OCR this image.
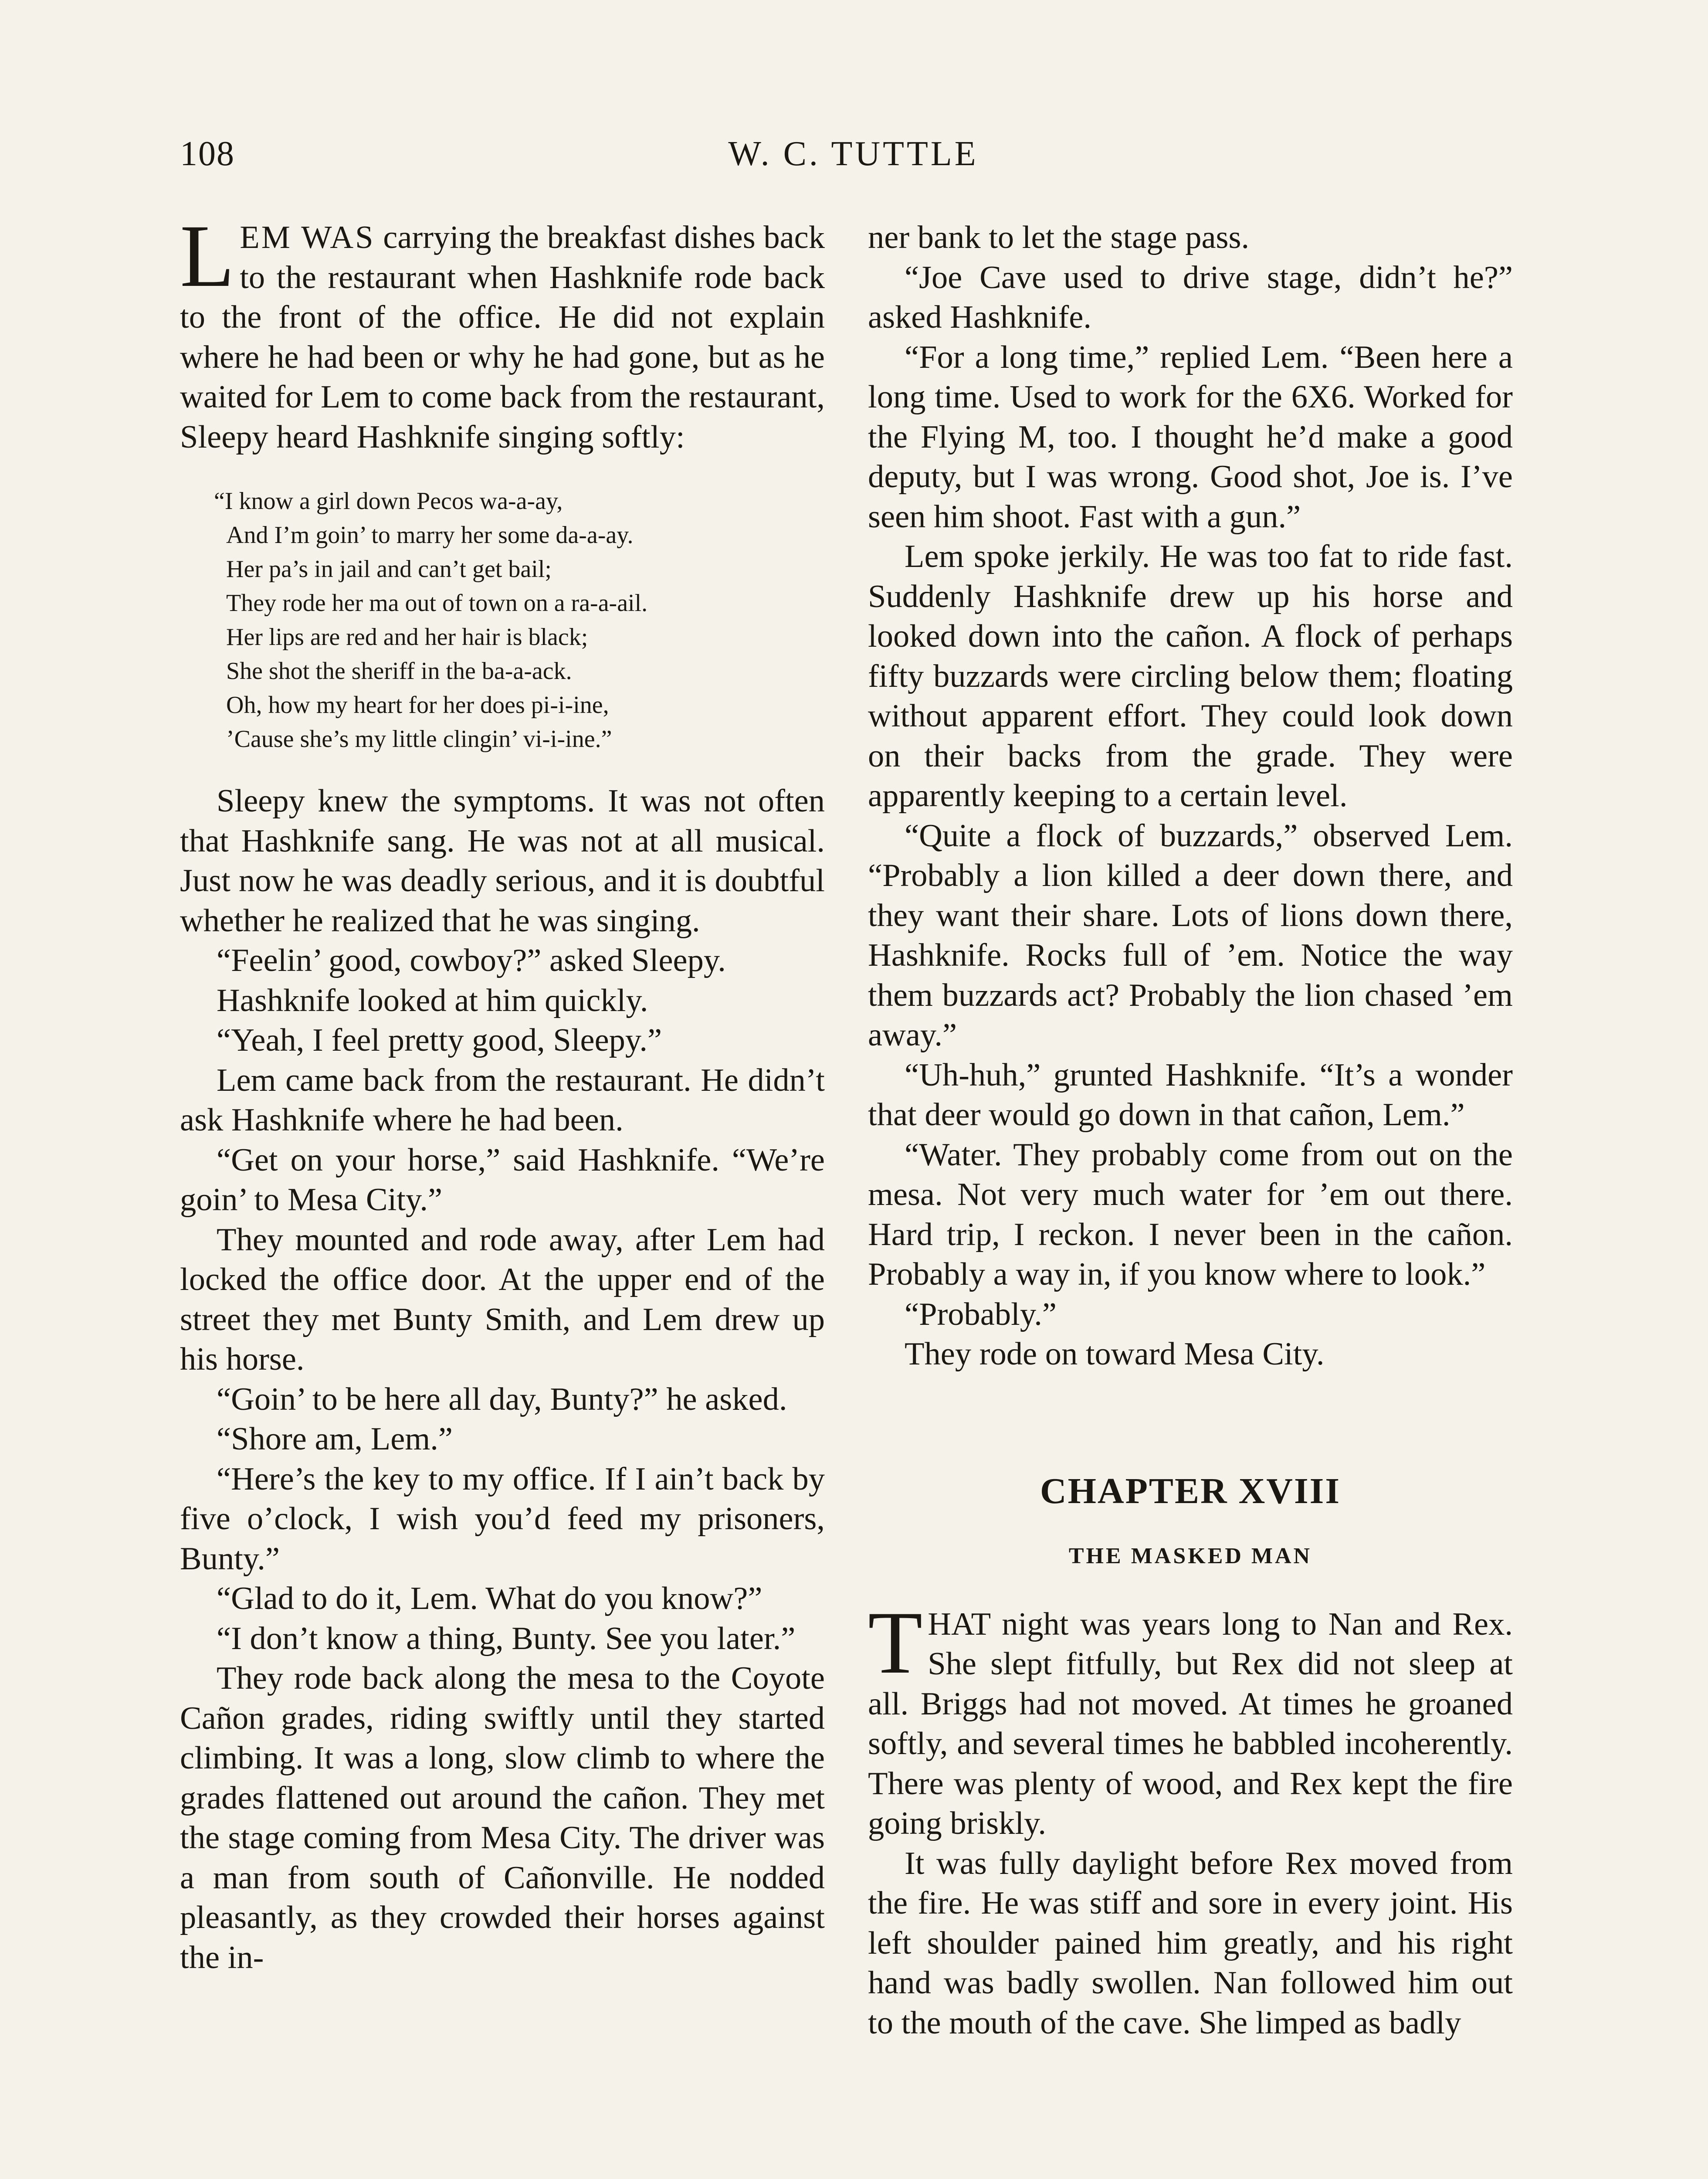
108	W. C. TUTTLE

LEM WAS carrying the breakfast dishes back to the restaurant when Hashknife rode back to the front of the office. He did not explain where he had been or why he had gone, but as he waited for Lem to come back from the restaurant, Sleepy heard Hashknife singing softly:

“I know a girl down Pecos wa-a-ay,
And I’m goin’ to marry her some da-a-ay.
Her pa’s in jail and can’t get bail;
They rode her ma out of town on a ra-a-ail.
Her lips are red and her hair is black;
She shot the sheriff in the ba-a-ack.
Oh, how my heart for her does pi-i-ine,
’Cause she’s my little clingin’ vi-i-ine.”

Sleepy knew the symptoms. It was not often that Hashknife sang. He was not at all musical. Just now he was deadly serious, and it is doubtful whether he realized that he was singing.

“Feelin’ good, cowboy?” asked Sleepy.

Hashknife looked at him quickly.

“Yeah, I feel pretty good, Sleepy.”

Lem came back from the restaurant. He didn’t ask Hashknife where he had been.

“Get on your horse,” said Hashknife. “We’re goin’ to Mesa City.”

They mounted and rode away, after Lem had locked the office door. At the upper end of the street they met Bunty Smith, and Lem drew up his horse.

“Goin’ to be here all day, Bunty?” he asked.

“Shore am, Lem.”

“Here’s the key to my office. If I ain’t back by five o’clock, I wish you’d feed my prisoners, Bunty.”

“Glad to do it, Lem. What do you know?”

“I don’t know a thing, Bunty. See you later.”

They rode back along the mesa to the Coyote Cañon grades, riding swiftly until they started climbing. It was a long, slow climb to where the grades flattened out around the cañon. They met the stage coming from Mesa City. The driver was a man from south of Cañonville. He nodded pleasantly, as they crowded their horses against the in-

ner bank to let the stage pass.

“Joe Cave used to drive stage, didn’t he?” asked Hashknife.

“For a long time,” replied Lem. “Been here a long time. Used to work for the 6X6. Worked for the Flying M, too. I thought he’d make a good deputy, but I was wrong. Good shot, Joe is. I’ve seen him shoot. Fast with a gun.”

Lem spoke jerkily. He was too fat to ride fast. Suddenly Hashknife drew up his horse and looked down into the cañon. A flock of perhaps fifty buzzards were circling below them; floating without apparent effort. They could look down on their backs from the grade. They were apparently keeping to a certain level.

“Quite a flock of buzzards,” observed Lem. “Probably a lion killed a deer down there, and they want their share. Lots of lions down there, Hashknife. Rocks full of ’em. Notice the way them buzzards act? Probably the lion chased ’em away.”

“Uh-huh,” grunted Hashknife. “It’s a wonder that deer would go down in that cañon, Lem.”

“Water. They probably come from out on the mesa. Not very much water for ’em out there. Hard trip, I reckon. I never been in the cañon. Probably a way in, if you know where to look.”

“Probably.”

They rode on toward Mesa City.

CHAPTER XVIII
THE MASKED MAN

THAT night was years long to Nan and Rex. She slept fitfully, but Rex did not sleep at all. Briggs had not moved. At times he groaned softly, and several times he babbled incoherently. There was plenty of wood, and Rex kept the fire going briskly.

It was fully daylight before Rex moved from the fire. He was stiff and sore in every joint. His left shoulder pained him greatly, and his right hand was badly swollen. Nan followed him out to the mouth of the cave. She limped as badly
